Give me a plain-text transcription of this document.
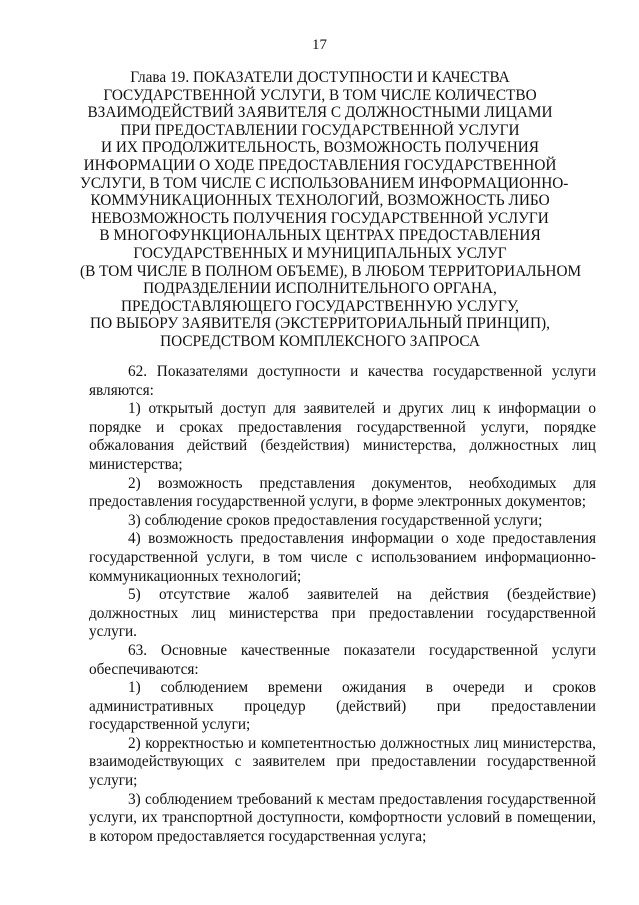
17
Глава 19. ПОКАЗАТЕЛИ ДОСТУПНОСТИ И КАЧЕСТВА
ГОСУДАРСТВЕННОЙ УСЛУГИ, В ТОМ ЧИСЛЕ КОЛИЧЕСТВО
ВЗАИМОДЕЙСТВИЙ ЗАЯВИТЕЛЯ С ДОЛЖНОСТНЫМИ ЛИЦАМИ
ПРИ ПРЕДОСТАВЛЕНИИ ГОСУДАРСТВЕННОЙ УСЛУГИ
И ИХ ПРОДОЛЖИТЕЛЬНОСТЬ, ВОЗМОЖНОСТЬ ПОЛУЧЕНИЯ
ИНФОРМАЦИИ О ХОДЕ ПРЕДОСТАВЛЕНИЯ ГОСУДАРСТВЕННОЙ
УСЛУГИ, В ТОМ ЧИСЛЕ С ИСПОЛЬЗОВАНИЕМ ИНФОРМАЦИОННО-
КОММУНИКАЦИОННЫХ ТЕХНОЛОГИЙ, ВОЗМОЖНОСТЬ ЛИБО
НЕВОЗМОЖНОСТЬ ПОЛУЧЕНИЯ ГОСУДАРСТВЕННОЙ УСЛУГИ
В МНОГОФУНКЦИОНАЛЬНЫХ ЦЕНТРАХ ПРЕДОСТАВЛЕНИЯ
ГОСУДАРСТВЕННЫХ И МУНИЦИПАЛЬНЫХ УСЛУГ
(В ТОМ ЧИСЛЕ В ПОЛНОМ ОБЪЕМЕ), В ЛЮБОМ ТЕРРИТОРИАЛЬНОМ
ПОДРАЗДЕЛЕНИИ ИСПОЛНИТЕЛЬНОГО ОРГАНА,
ПРЕДОСТАВЛЯЮЩЕГО ГОСУДАРСТВЕННУЮ УСЛУГУ,
ПО ВЫБОРУ ЗАЯВИТЕЛЯ (ЭКСТЕРРИТОРИАЛЬНЫЙ ПРИНЦИП),
ПОСРЕДСТВОМ КОМПЛЕКСНОГО ЗАПРОСА

62. Показателями доступности и качества государственной услуги являются:

1) открытый доступ для заявителей и других лиц к информации о порядке и сроках предоставления государственной услуги, порядке обжалования действий (бездействия) министерства, должностных лиц министерства;

2) возможность представления документов, необходимых для предоставления государственной услуги, в форме электронных документов;

3) соблюдение сроков предоставления государственной услуги;

4) возможность предоставления информации о ходе предоставления государственной услуги, в том числе с использованием информационно-коммуникационных технологий;

5) отсутствие жалоб заявителей на действия (бездействие) должностных лиц министерства при предоставлении государственной услуги.

63. Основные качественные показатели государственной услуги обеспечиваются:

1) соблюдением времени ожидания в очереди и сроков административных процедур (действий) при предоставлении государственной услуги;

2) корректностью и компетентностью должностных лиц министерства, взаимодействующих с заявителем при предоставлении государственной услуги;

3) соблюдением требований к местам предоставления государственной услуги, их транспортной доступности, комфортности условий в помещении, в котором предоставляется государственная услуга;
